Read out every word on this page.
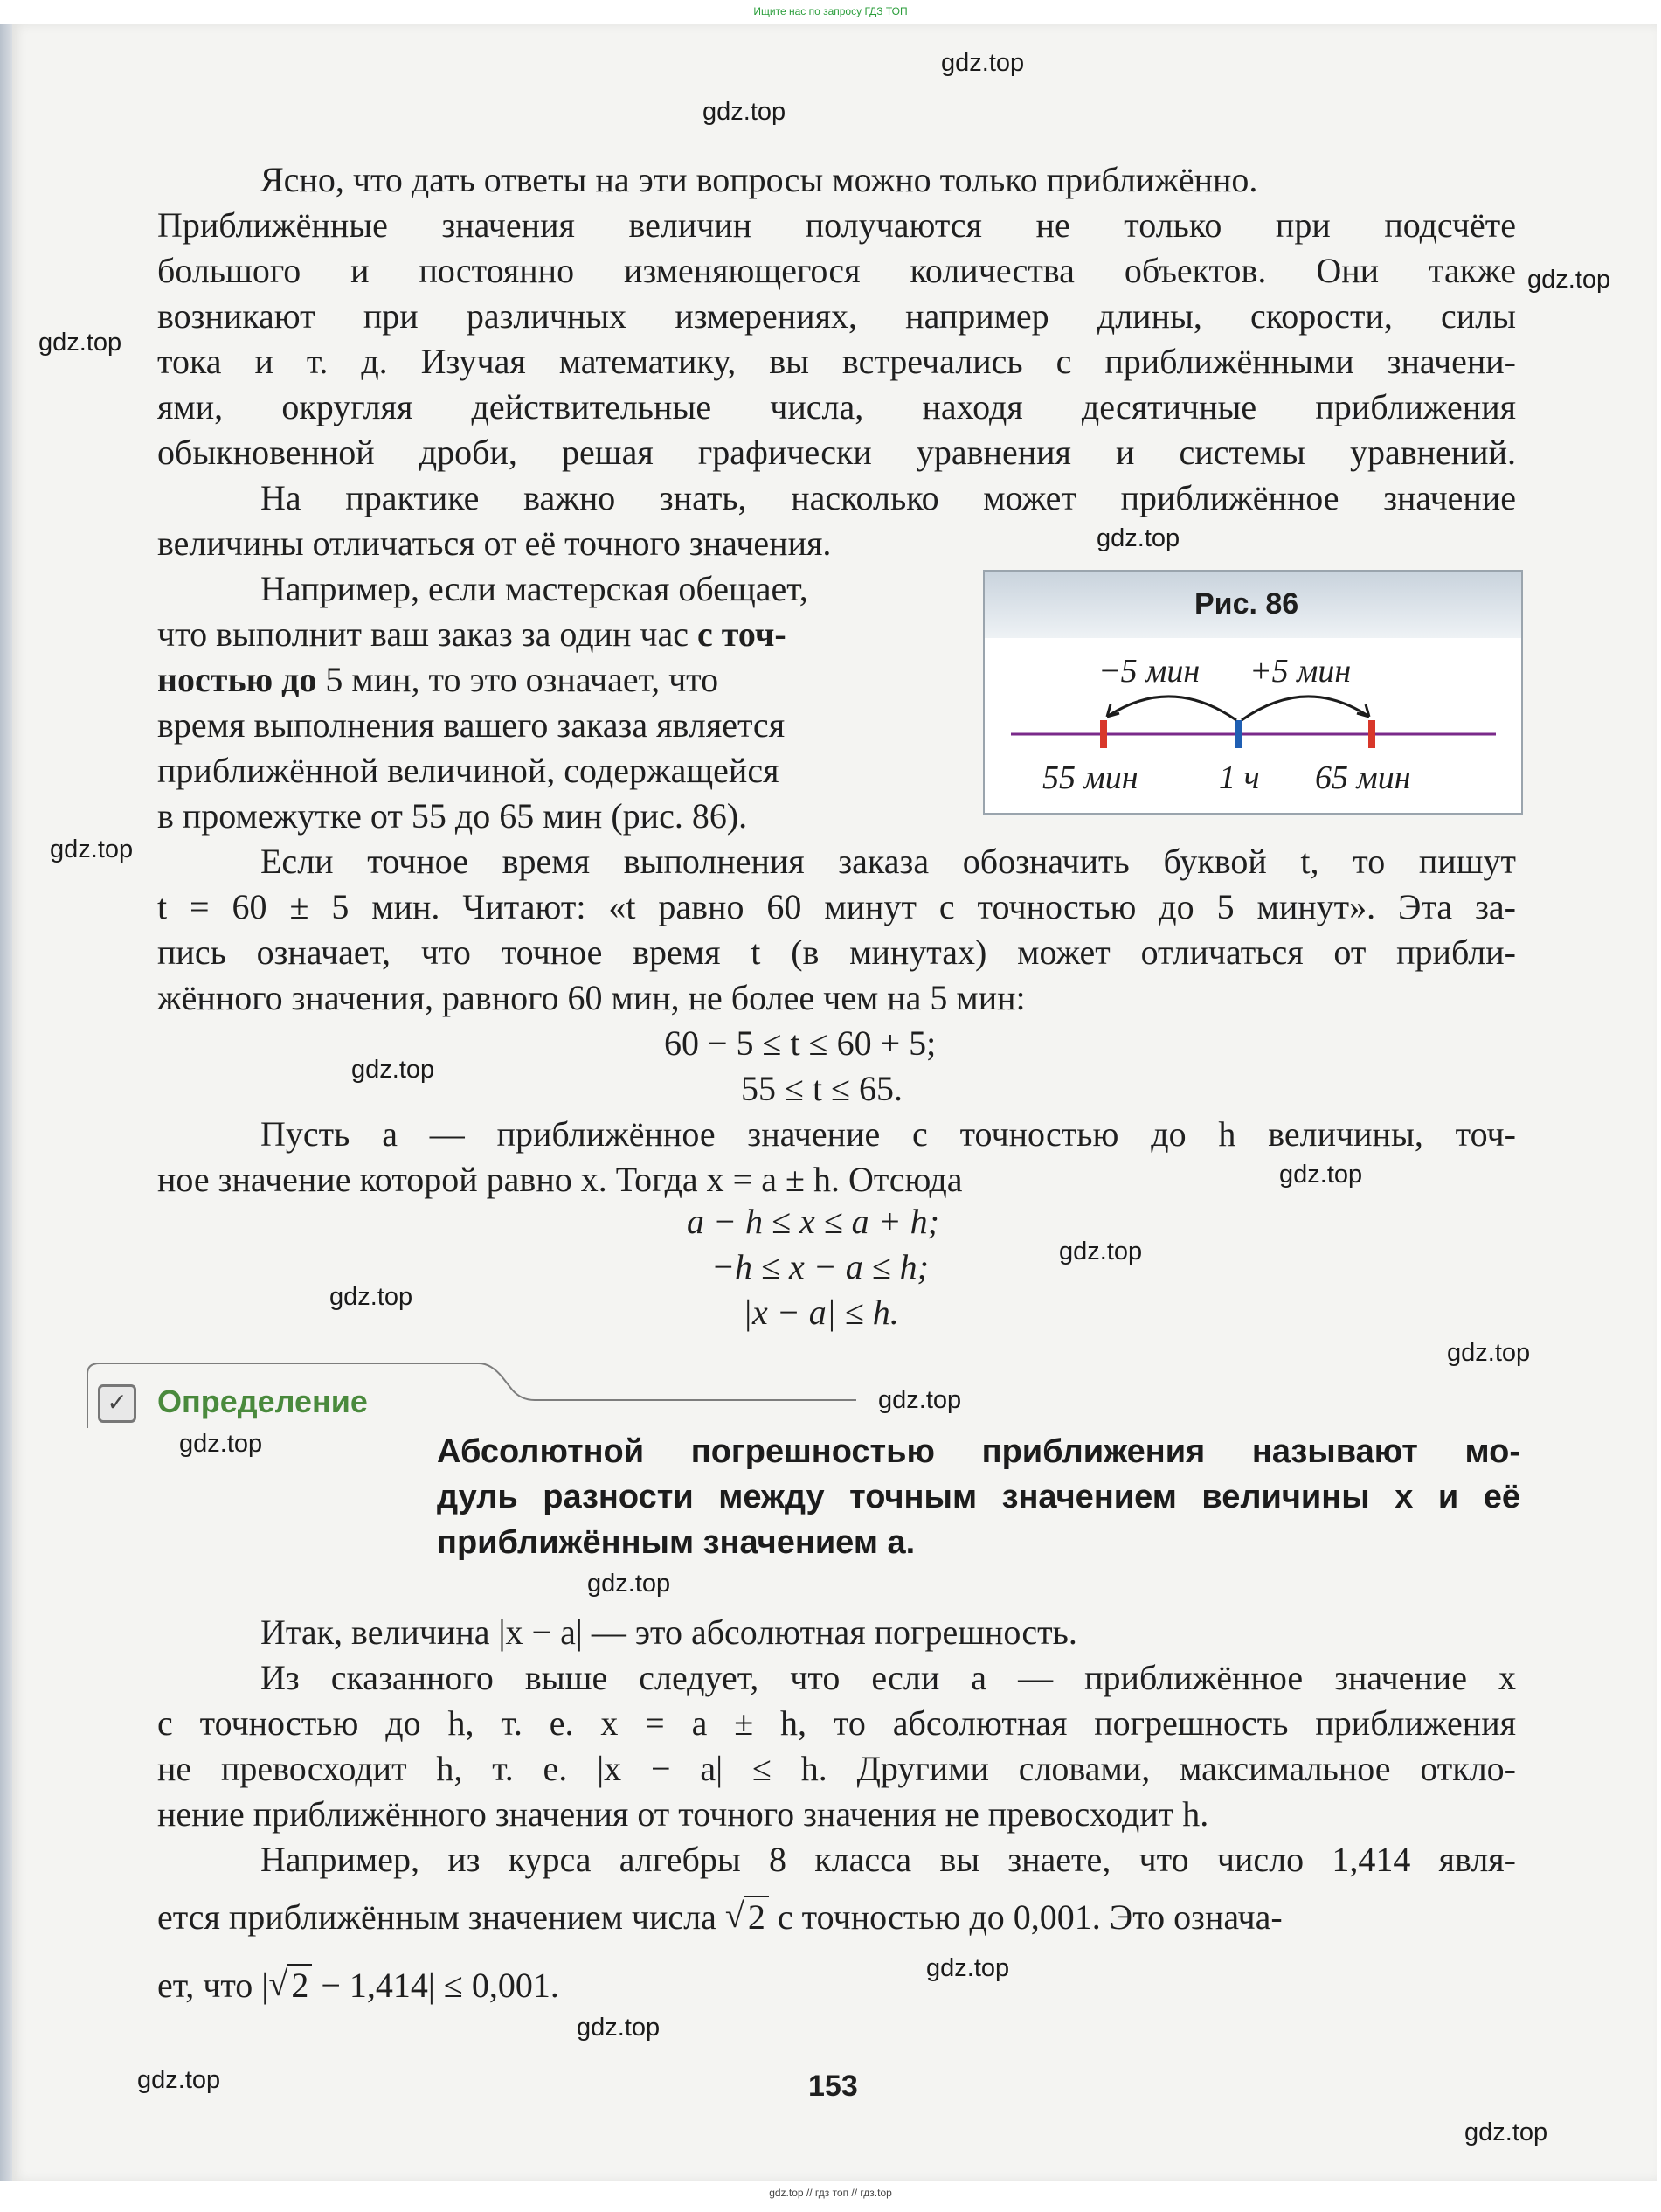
Ищите нас по запросу ГДЗ ТОП
gdz.top
gdz.top
gdz.top
gdz.top
gdz.top
gdz.top
gdz.top
gdz.top
gdz.top
gdz.top
gdz.top
gdz.top
gdz.top
gdz.top
gdz.top
gdz.top
gdz.top
gdz.top
Ясно, что дать ответы на эти вопросы можно только приближённо.
Приближённые значения величин получаются не только при подсчёте
большого и постоянно изменяющегося количества объектов. Они также
возникают при различных измерениях, например длины, скорости, силы
тока и т. д. Изучая математику, вы встречались с приближёнными значени-
ями, округляя действительные числа, находя десятичные приближения
обыкновенной дроби, решая графически уравнения и системы уравнений.
На практике важно знать, насколько может приближённое значение
величины отличаться от её точного значения.
Например, если мастерская обещает,
что выполнит ваш заказ за один час с точ-
ностью до 5 мин, то это означает, что
время выполнения вашего заказа является
приближённой величиной, содержащейся
в промежутке от 55 до 65 мин (рис. 86).
Рис. 86
−5 мин +5 мин
55 мин 1 ч 65 мин
Если точное время выполнения заказа обозначить буквой t, то пишут
t = 60 ± 5 мин. Читают: «t равно 60 минут с точностью до 5 минут». Эта за-
пись означает, что точное время t (в минутах) может отличаться от прибли-
жённого значения, равного 60 мин, не более чем на 5 мин:
60 − 5 ≤ t ≤ 60 + 5;
55 ≤ t ≤ 65.
Пусть a — приближённое значение с точностью до h величины, точ-
ное значение которой равно x. Тогда x = a ± h. Отсюда
a − h ≤ x ≤ a + h;
−h ≤ x − a ≤ h;
|x − a| ≤ h.
✓ Определение
Абсолютной погрешностью приближения называют мо-
дуль разности между точным значением величины x и её
приближённым значением a.
Итак, величина |x − a| — это абсолютная погрешность.
Из сказанного выше следует, что если a — приближённое значение x
с точностью до h, т. е. x = a ± h, то абсолютная погрешность приближения
не превосходит h, т. е. |x − a| ≤ h. Другими словами, максимальное откло-
нение приближённого значения от точного значения не превосходит h.
Например, из курса алгебры 8 класса вы знаете, что число 1,414 явля-
ется приближённым значением числа √ 2 с точностью до 0,001. Это означа-
ет, что | √ 2 − 1,414| ≤ 0,001.
153
gdz.top // гдз топ // гдз.top
